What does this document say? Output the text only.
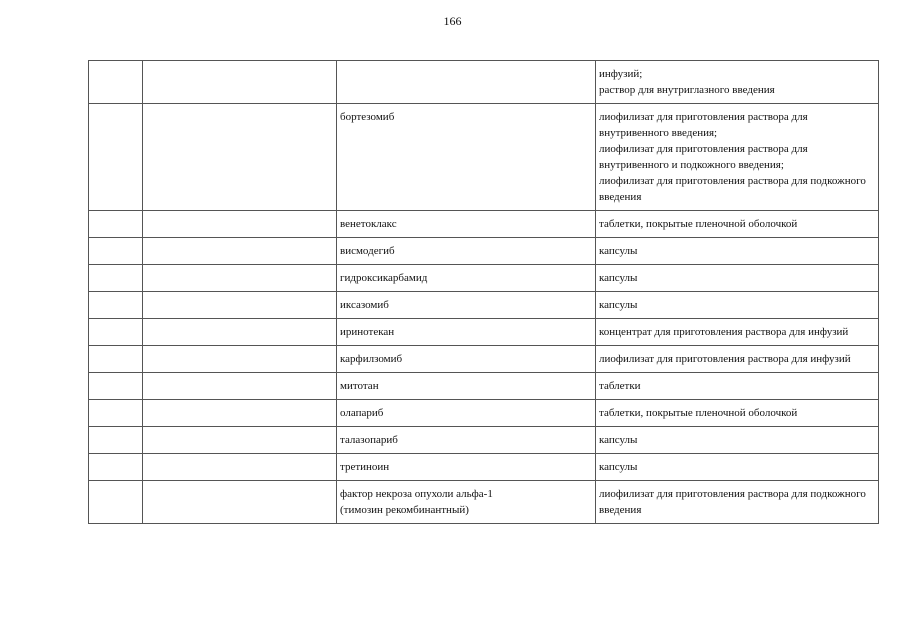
166
			инфузий;
раствор для внутриглазного введения
		бортезомиб	лиофилизат для приготовления раствора для внутривенного введения;
лиофилизат для приготовления раствора для внутривенного и подкожного введения;
лиофилизат для приготовления раствора для подкожного введения
		венетоклакс	таблетки, покрытые пленочной оболочкой
		висмодегиб	капсулы
		гидроксикарбамид	капсулы
		иксазомиб	капсулы
		иринотекан	концентрат для приготовления раствора для инфузий
		карфилзомиб	лиофилизат для приготовления раствора для инфузий
		митотан	таблетки
		олапариб	таблетки, покрытые пленочной оболочкой
		талазопариб	капсулы
		третиноин	капсулы
		фактор некроза опухоли альфа-1
(тимозин рекомбинантный)	лиофилизат для приготовления раствора для подкожного введения
